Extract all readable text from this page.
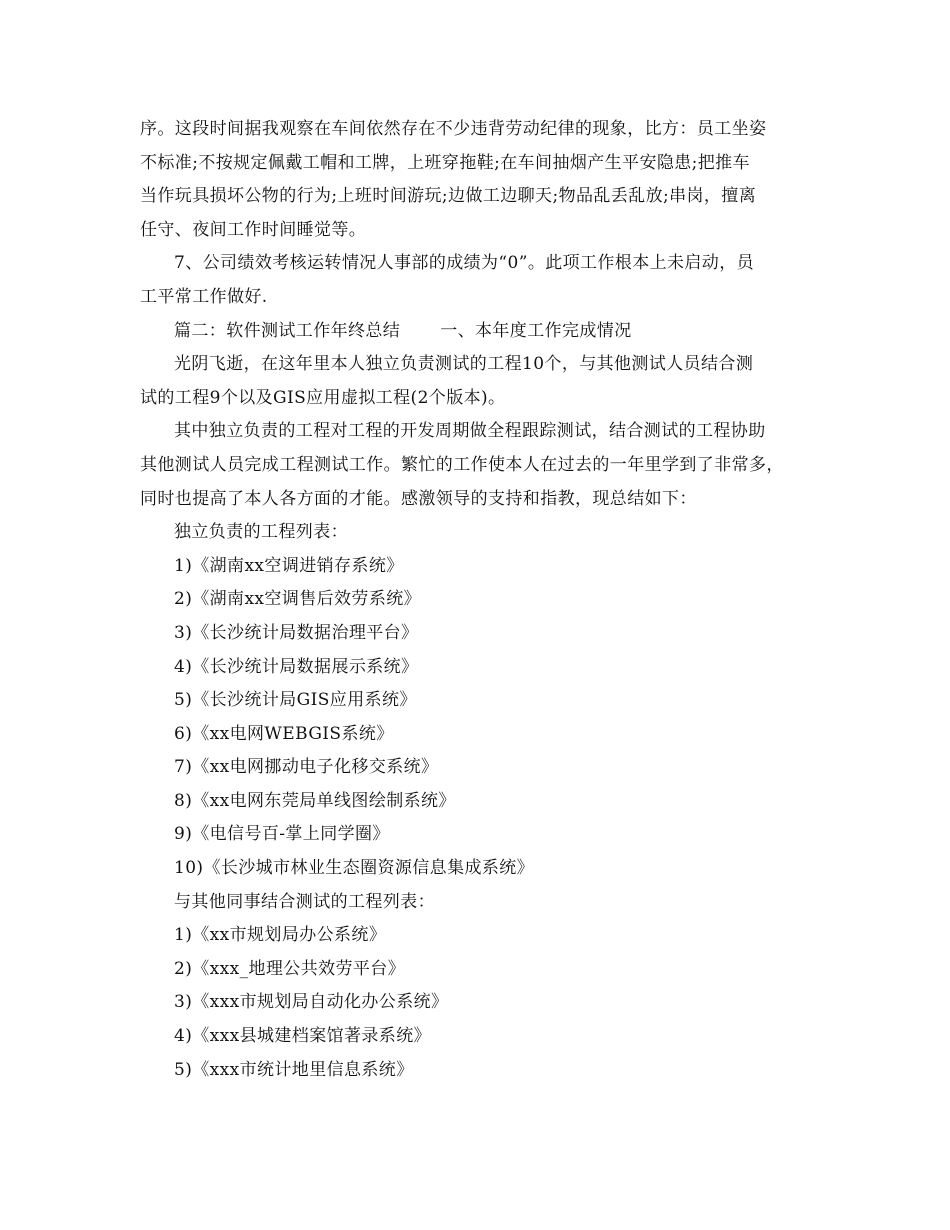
序。这段时间据我观察在车间依然存在不少违背劳动纪律的现象，比方：员工坐姿
不标准;不按规定佩戴工帽和工牌，上班穿拖鞋;在车间抽烟产生平安隐患;把推车
当作玩具损坏公物的行为;上班时间游玩;边做工边聊天;物品乱丢乱放;串岗，擅离
任守、夜间工作时间睡觉等。
7、公司绩效考核运转情况人事部的成绩为“0”。此项工作根本上未启动，员
工平常工作做好.
篇二：软件测试工作年终总结 一、本年度工作完成情况
光阴飞逝，在这年里本人独立负责测试的工程10个，与其他测试人员结合测
试的工程9个以及GIS应用虚拟工程(2个版本)。
其中独立负责的工程对工程的开发周期做全程跟踪测试，结合测试的工程协助
其他测试人员完成工程测试工作。繁忙的工作使本人在过去的一年里学到了非常多，
同时也提高了本人各方面的才能。感激领导的支持和指教，现总结如下：
独立负责的工程列表：
1)《湖南xx空调进销存系统》
2)《湖南xx空调售后效劳系统》
3)《长沙统计局数据治理平台》
4)《长沙统计局数据展示系统》
5)《长沙统计局GIS应用系统》
6)《xx电网WEBGIS系统》
7)《xx电网挪动电子化移交系统》
8)《xx电网东莞局单线图绘制系统》
9)《电信号百-掌上同学圈》
10)《长沙城市林业生态圈资源信息集成系统》
与其他同事结合测试的工程列表：
1)《xx市规划局办公系统》
2)《xxx_地理公共效劳平台》
3)《xxx市规划局自动化办公系统》
4)《xxx县城建档案馆著录系统》
5)《xxx市统计地里信息系统》
